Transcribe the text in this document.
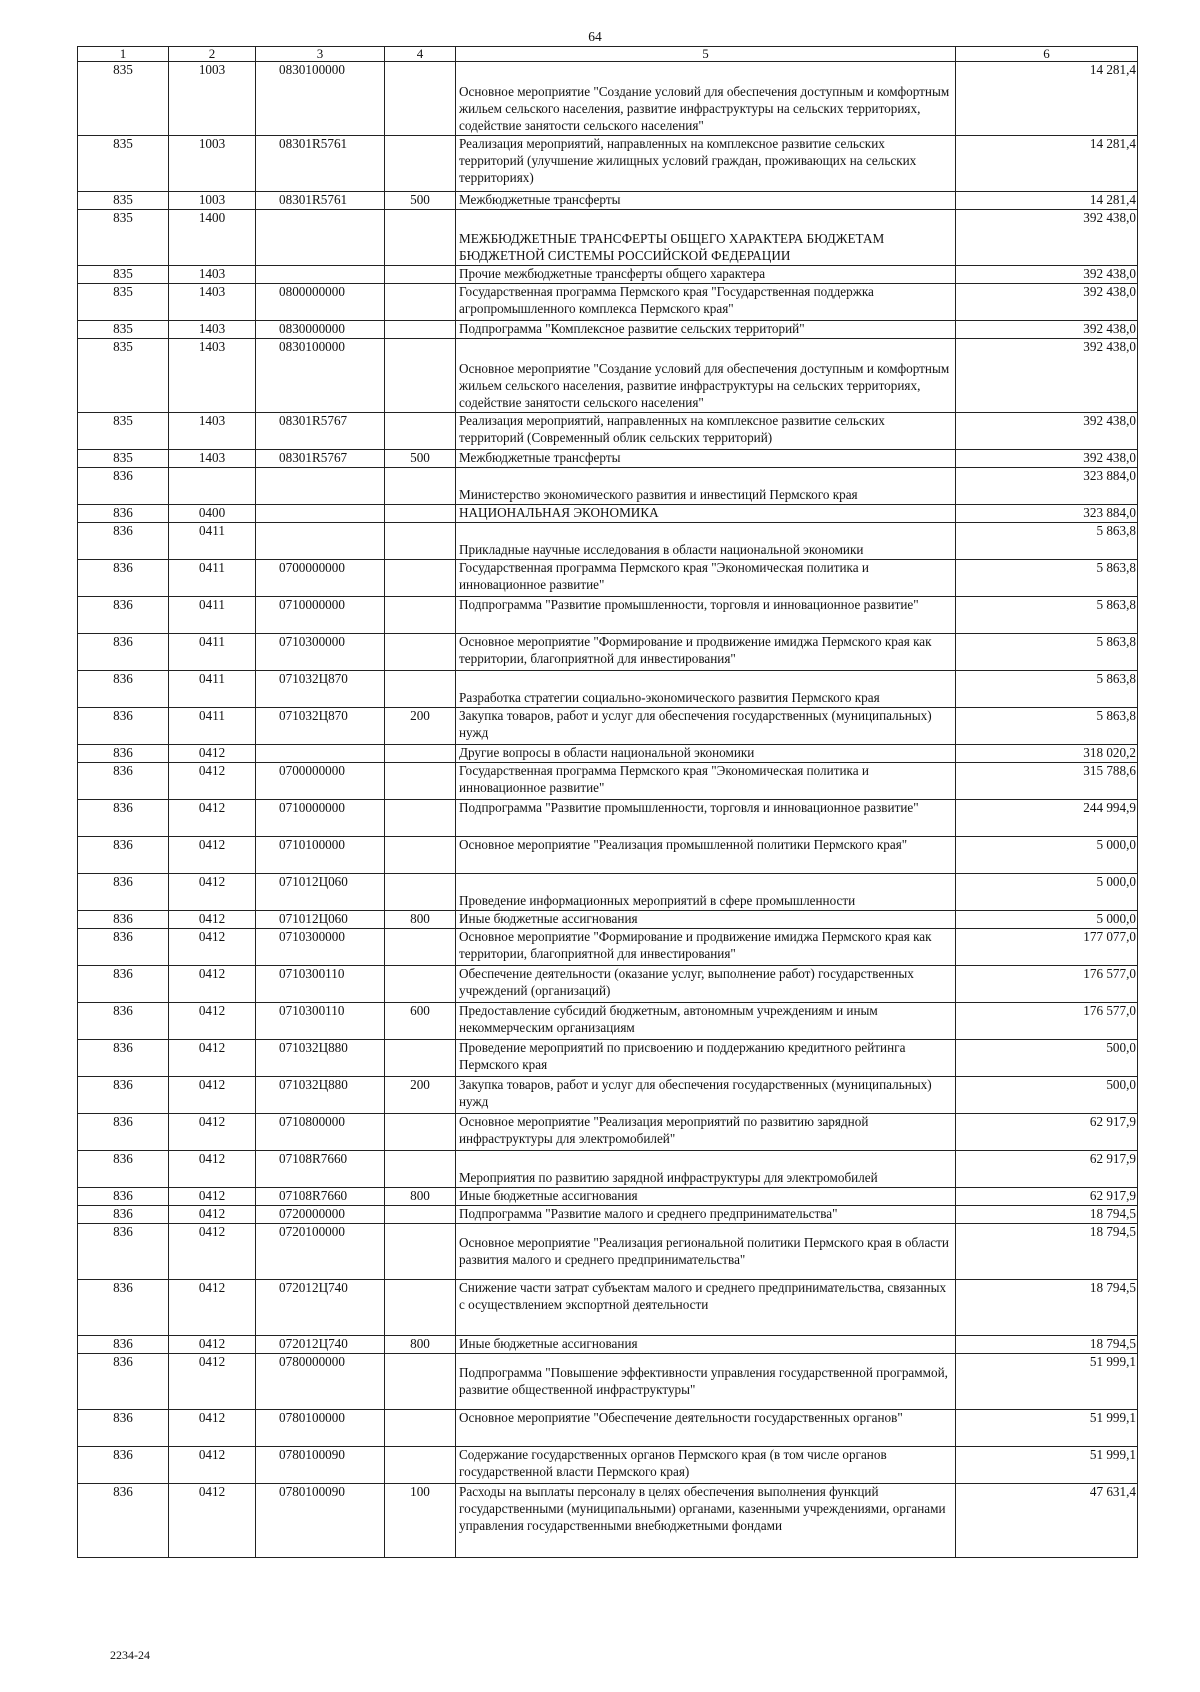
64
1	2	3	4	5	6
835	1003	0830100000		Основное мероприятие "Создание условий для обеспечения доступным и комфортным жильем сельского населения, развитие инфраструктуры на сельских территориях, содействие занятости сельского населения"	14 281,4
835	1003	08301R5761		Реализация мероприятий, направленных на комплексное развитие сельских территорий (улучшение жилищных условий граждан, проживающих на сельских территориях)	14 281,4
835	1003	08301R5761	500	Межбюджетные трансферты	14 281,4
835	1400			МЕЖБЮДЖЕТНЫЕ ТРАНСФЕРТЫ ОБЩЕГО ХАРАКТЕРА БЮДЖЕТАМ БЮДЖЕТНОЙ СИСТЕМЫ РОССИЙСКОЙ ФЕДЕРАЦИИ	392 438,0
835	1403			Прочие межбюджетные трансферты общего характера	392 438,0
835	1403	0800000000		Государственная программа Пермского края "Государственная поддержка агропромышленного комплекса Пермского края"	392 438,0
835	1403	0830000000		Подпрограмма "Комплексное развитие сельских территорий"	392 438,0
835	1403	0830100000		Основное мероприятие "Создание условий для обеспечения доступным и комфортным жильем сельского населения, развитие инфраструктуры на сельских территориях, содействие занятости сельского населения"	392 438,0
835	1403	08301R5767		Реализация мероприятий, направленных на комплексное развитие сельских территорий (Современный облик сельских территорий)	392 438,0
835	1403	08301R5767	500	Межбюджетные трансферты	392 438,0
836				Министерство экономического развития и инвестиций Пермского края	323 884,0
836	0400			НАЦИОНАЛЬНАЯ ЭКОНОМИКА	323 884,0
836	0411			Прикладные научные исследования в области национальной экономики	5 863,8
836	0411	0700000000		Государственная программа Пермского края "Экономическая политика и инновационное развитие"	5 863,8
836	0411	0710000000		Подпрограмма "Развитие промышленности, торговля и инновационное развитие"	5 863,8
836	0411	0710300000		Основное мероприятие "Формирование и продвижение имиджа Пермского края как территории, благоприятной для инвестирования"	5 863,8
836	0411	071032Ц870		Разработка стратегии социально-экономического развития Пермского края	5 863,8
836	0411	071032Ц870	200	Закупка товаров, работ и услуг для обеспечения государственных (муниципальных) нужд	5 863,8
836	0412			Другие вопросы в области национальной экономики	318 020,2
836	0412	0700000000		Государственная программа Пермского края "Экономическая политика и инновационное развитие"	315 788,6
836	0412	0710000000		Подпрограмма "Развитие промышленности, торговля и инновационное развитие"	244 994,9
836	0412	0710100000		Основное мероприятие "Реализация промышленной политики Пермского края"	5 000,0
836	0412	071012Ц060		Проведение информационных мероприятий в сфере промышленности	5 000,0
836	0412	071012Ц060	800	Иные бюджетные ассигнования	5 000,0
836	0412	0710300000		Основное мероприятие "Формирование и продвижение имиджа Пермского края как территории, благоприятной для инвестирования"	177 077,0
836	0412	0710300110		Обеспечение деятельности (оказание услуг, выполнение работ) государственных учреждений (организаций)	176 577,0
836	0412	0710300110	600	Предоставление субсидий бюджетным, автономным учреждениям и иным некоммерческим организациям	176 577,0
836	0412	071032Ц880		Проведение мероприятий по присвоению и поддержанию кредитного рейтинга Пермского края	500,0
836	0412	071032Ц880	200	Закупка товаров, работ и услуг для обеспечения государственных (муниципальных) нужд	500,0
836	0412	0710800000		Основное мероприятие "Реализация мероприятий по развитию зарядной инфраструктуры для электромобилей"	62 917,9
836	0412	07108R7660		Мероприятия по развитию зарядной инфраструктуры для электромобилей	62 917,9
836	0412	07108R7660	800	Иные бюджетные ассигнования	62 917,9
836	0412	0720000000		Подпрограмма "Развитие малого и среднего предпринимательства"	18 794,5
836	0412	0720100000		Основное мероприятие "Реализация региональной политики Пермского края в области развития малого и среднего предпринимательства"	18 794,5
836	0412	072012Ц740		Снижение части затрат субъектам малого и среднего предпринимательства, связанных с осуществлением экспортной деятельности	18 794,5
836	0412	072012Ц740	800	Иные бюджетные ассигнования	18 794,5
836	0412	0780000000		Подпрограмма "Повышение эффективности управления государственной программой, развитие общественной инфраструктуры"	51 999,1
836	0412	0780100000		Основное мероприятие "Обеспечение деятельности государственных органов"	51 999,1
836	0412	0780100090		Содержание государственных органов Пермского края (в том числе органов государственной власти Пермского края)	51 999,1
836	0412	0780100090	100	Расходы на выплаты персоналу в целях обеспечения выполнения функций государственными (муниципальными) органами, казенными учреждениями, органами управления государственными внебюджетными фондами	47 631,4
2234-24
